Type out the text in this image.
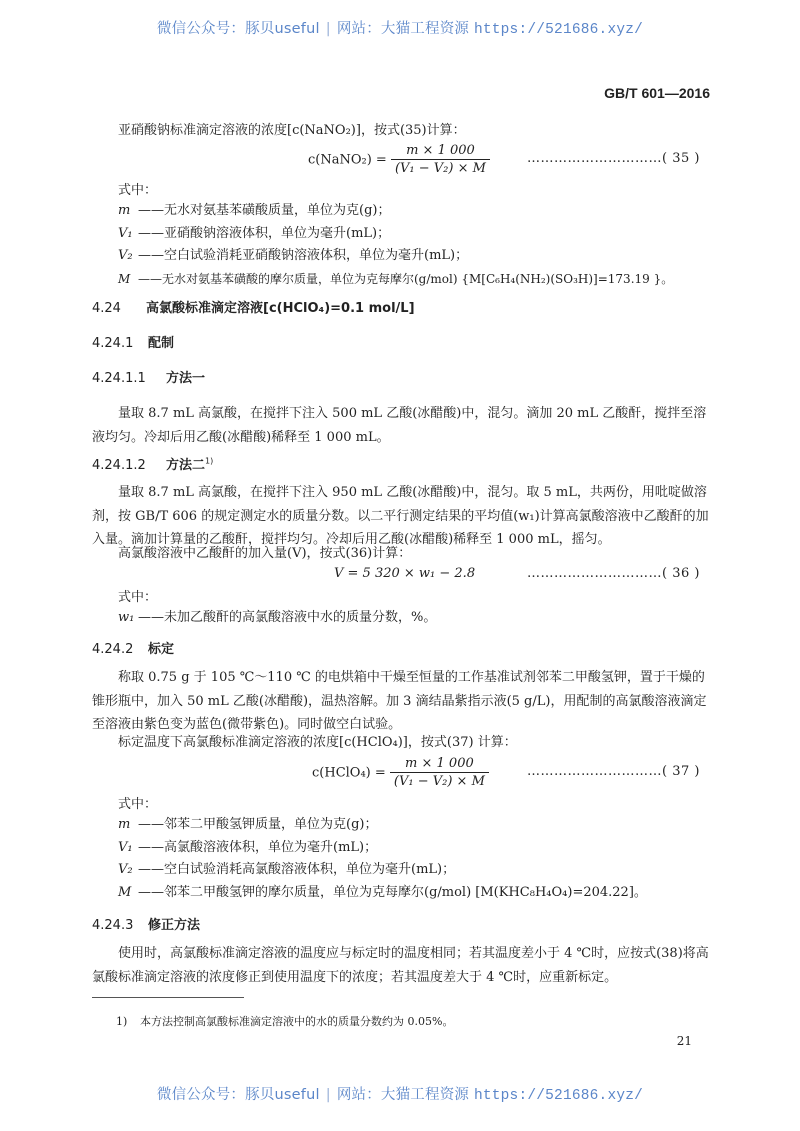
微信公众号：豚贝useful | 网站：大猫工程资源 https://521686.xyz/
GB/T 601—2016
亚硝酸钠标准滴定溶液的浓度[c(NaNO₂)]，按式(35)计算：
c(NaNO₂) = $\frac{m \times 1 000}{\text{(V₁ − V₂) × M}}$	…………………………( 35 )
式中：
m ——无水对氨基苯磺酸质量，单位为克(g)；
V₁ ——亚硝酸钠溶液体积，单位为毫升(mL)；
V₂ ——空白试验消耗亚硝酸钠溶液体积，单位为毫升(mL)；
M ——无水对氨基苯磺酸的摩尔质量，单位为克每摩尔(g/mol) {M[C₆H₄(NH₂)(SO₃H)]=173.19 }。
4.24 高氯酸标准滴定溶液[c(HClO₄)=0.1 mol/L]
4.24.1 配制
4.24.1.1 方法一
量取 8.7 mL 高氯酸，在搅拌下注入 500 mL 乙酸(冰醋酸)中，混匀。滴加 20 mL 乙酸酐，搅拌至溶液均匀。冷却后用乙酸(冰醋酸)稀释至 1 000 mL。
4.24.1.2 方法二$^{1)}$
量取 8.7 mL 高氯酸，在搅拌下注入 950 mL 乙酸(冰醋酸)中，混匀。取 5 mL，共两份，用吡啶做溶剂，按 GB/T 606 的规定测定水的质量分数。以二平行测定结果的平均值(w₁)计算高氯酸溶液中乙酸酐的加入量。滴加计算量的乙酸酐，搅拌均匀。冷却后用乙酸(冰醋酸)稀释至 1 000 mL，摇匀。
高氯酸溶液中乙酸酐的加入量(V)，按式(36)计算：
V = 5 320 × w₁ − 2.8	…………………………( 36 )
式中：
w₁ ——未加乙酸酐的高氯酸溶液中水的质量分数，%。
4.24.2 标定
称取 0.75 g 于 105 ℃～110 ℃ 的电烘箱中干燥至恒量的工作基准试剂邻苯二甲酸氢钾，置于干燥的锥形瓶中，加入 50 mL 乙酸(冰醋酸)，温热溶解。加 3 滴结晶紫指示液(5 g/L)，用配制的高氯酸溶液滴定至溶液由紫色变为蓝色(微带紫色)。同时做空白试验。
标定温度下高氯酸标准滴定溶液的浓度[c(HClO₄)]，按式(37) 计算：
c(HClO₄) = $\frac{m \times 1 000}{\text{(V₁ − V₂) × M}}$	…………………………( 37 )
式中：
m ——邻苯二甲酸氢钾质量，单位为克(g)；
V₁ ——高氯酸溶液体积，单位为毫升(mL)；
V₂ ——空白试验消耗高氯酸溶液体积，单位为毫升(mL)；
M ——邻苯二甲酸氢钾的摩尔质量，单位为克每摩尔(g/mol) [M(KHC₈H₄O₄)=204.22]。
4.24.3 修正方法
使用时，高氯酸标准滴定溶液的温度应与标定时的温度相同；若其温度差小于 4 ℃时，应按式(38)将高氯酸标准滴定溶液的浓度修正到使用温度下的浓度；若其温度差大于 4 ℃时，应重新标定。
1) 本方法控制高氯酸标准滴定溶液中的水的质量分数约为 0.05%。
21
微信公众号：豚贝useful | 网站：大猫工程资源 https://521686.xyz/
